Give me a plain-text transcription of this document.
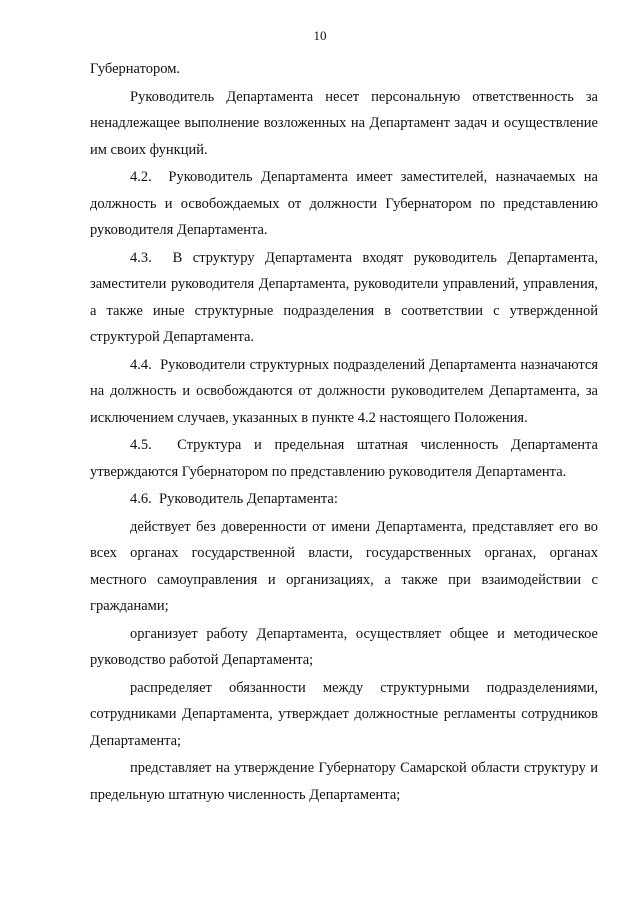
10

Губернатором.

Руководитель Департамента несет персональную ответственность за ненадлежащее выполнение возложенных на Департамент задач и осуществление им своих функций.

4.2.  Руководитель Департамента имеет заместителей, назначаемых на должность и освобождаемых от должности Губернатором по представлению руководителя Департамента.

4.3.  В структуру Департамента входят руководитель Департамента, заместители руководителя Департамента, руководители управлений, управления, а также иные структурные подразделения в соответствии с утвержденной структурой Департамента.

4.4.  Руководители структурных подразделений Департамента назначаются на должность и освобождаются от должности руководителем Департамента, за исключением случаев, указанных в пункте 4.2 настоящего Положения.

4.5.  Структура и предельная штатная численность Департамента утверждаются Губернатором по представлению руководителя Департамента.

4.6.  Руководитель Департамента:

действует без доверенности от имени Департамента, представляет его во всех органах государственной власти, государственных органах, органах местного самоуправления и организациях, а также при взаимодействии с гражданами;

организует работу Департамента, осуществляет общее и методическое руководство работой Департамента;

распределяет обязанности между структурными подразделениями, сотрудниками Департамента, утверждает должностные регламенты сотрудников Департамента;

представляет на утверждение Губернатору Самарской области структуру и предельную штатную численность Департамента;
